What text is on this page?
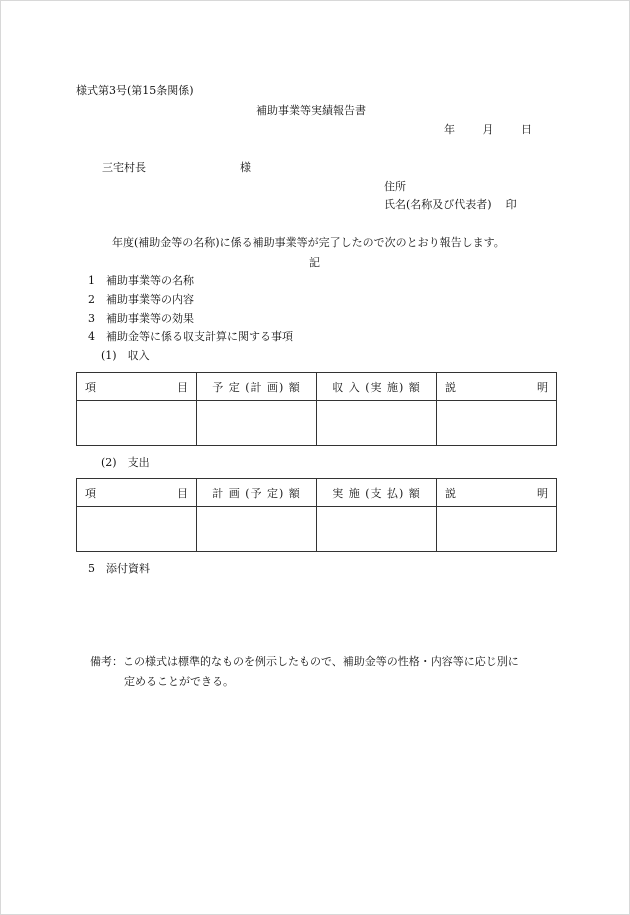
様式第3号(第15条関係)
補助事業等実績報告書
年	月	日
三宅村長	様
住所
氏名(名称及び代表者) 印
年度(補助金等の名称)に係る補助事業等が完了したので次のとおり報告します。
記
1 補助事業等の名称
2 補助事業等の内容
3 補助事業等の効果
4 補助金等に係る収支計算に関する事項
(1)　収入
項 目	予 定 (計 画) 額	収 入 (実 施) 額	説 明

(2)　支出
項 目	計 画 (予 定) 額	実 施 (支 払) 額	説 明

5 添付資料
備考：この様式は標準的なものを例示したもので、補助金等の性格・内容等に応じ別に
定めることができる。
